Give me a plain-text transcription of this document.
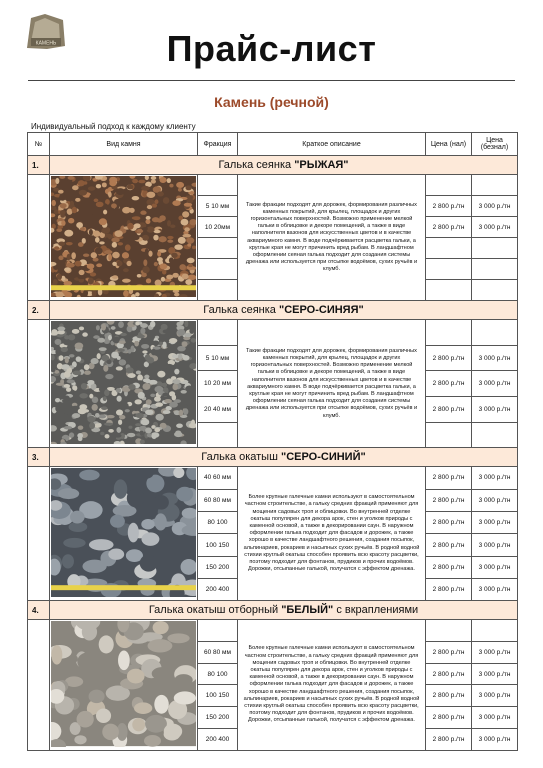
КАМЕНЬ	Прайс-лист
Камень (речной)
Индивидуальный подход к каждому клиенту
№	Вид камня	Фракция	Краткое описание	Цена (нал)	Цена (безнал)
1.	Галька сеянка "РЫЖАЯ"				
			Такие фракции подходят для дорожек, формирования различных каменных покрытий, для крылец, площадок и других горизонтальных поверхностей. Возможно применение мелкой гальки в облицовке и декоре помещений, а также в виде наполнителя вазонов для искусственных цветов и в качестве аквариумного камня. В воде подчёркивается расцветка гальки, а круглые края не могут причинить вред рыбам. В ландшафтном оформлении сеяная галька подходит для создания системы дренажа или используется при отсыпке водоёмов, сухих ручьёв и клумб.		
		5 10 мм		2 800 р./тн	3 000 р./тн
		10 20мм		2 800 р./тн	3 000 р./тн

2.	Галька сеянка "СЕРО-СИНЯЯ"				
			Такие фракции подходят для дорожек, формирования различных каменных покрытий, для крылец, площадок и других горизонтальных поверхностей. Возможно применение мелкой гальки в облицовке и декоре помещений, а также в виде наполнителя вазонов для искусственных цветов и в качестве аквариумного камня. В воде подчёркивается расцветка гальки, а круглые края не могут причинить вред рыбам. В ландшафтном оформлении сеяная галька подходит для создания системы дренажа или используется при отсыпке водоёмов, сухих ручьёв и клумб.		
		5 10 мм		2 800 р./тн	3 000 р./тн
		10 20 мм		2 800 р./тн	3 000 р./тн
		20 40 мм		2 800 р./тн	3 000 р./тн

3.	Галька окатыш "СЕРО-СИНИЙ"				
		40 60 мм	Более крупные галечные камни используют в самостоятельном частном строительстве, а гальку средних фракций применяют для мощения садовых троп и облицовки. Во внутренней отделке окатыш популярен для декора арок, стен и уголков природы с каменной основой, а также в декорировании саун. В наружном оформлении галька подходит для фасадов и дорожек, а также хорошо в качестве ландшафтного решения, создания посыпок, альпинариев, рокариев и насыпных сухих ручьёв. В родной водной стихии круглый окатыш способен проявить всю красоту расцветки, поэтому подходит для фонтанов, прудиков и прочих водоёмов. Дорожки, отсыпанные галькой, получатся с эффектом дренажа.	2 800 р./тн	3 000 р./тн
		60 80 мм		2 800 р./тн	3 000 р./тн
		80 100		2 800 р./тн	3 000 р./тн
		100 150		2 800 р./тн	3 000 р./тн
		150 200		2 800 р./тн	3 000 р./тн
		200 400		2 800 р./тн	3 000 р./тн
4.	Галька окатыш отборный "БЕЛЫЙ" с вкраплениями				
			Более крупные галечные камни используют в самостоятельном частном строительстве, а гальку средних фракций применяют для мощения садовых троп и облицовки. Во внутренней отделке окатыш популярен для декора арок, стен и уголков природы с каменной основой, а также в декорировании саун. В наружном оформлении галька подходит для фасадов и дорожек, а также хорошо в качестве ландшафтного решения, создания посыпок, альпинариев, рокариев и насыпных сухих ручьёв. В родной водной стихии круглый окатыш способен проявить всю красоту расцветки, поэтому подходит для фонтанов, прудиков и прочих водоёмов. Дорожки, отсыпанные галькой, получатся с эффектом дренажа.		
		60 80 мм		2 800 р./тн	3 000 р./тн
		80 100		2 800 р./тн	3 000 р./тн
		100 150		2 800 р./тн	3 000 р./тн
		150 200		2 800 р./тн	3 000 р./тн
		200 400		2 800 р./тн	3 000 р./тн
